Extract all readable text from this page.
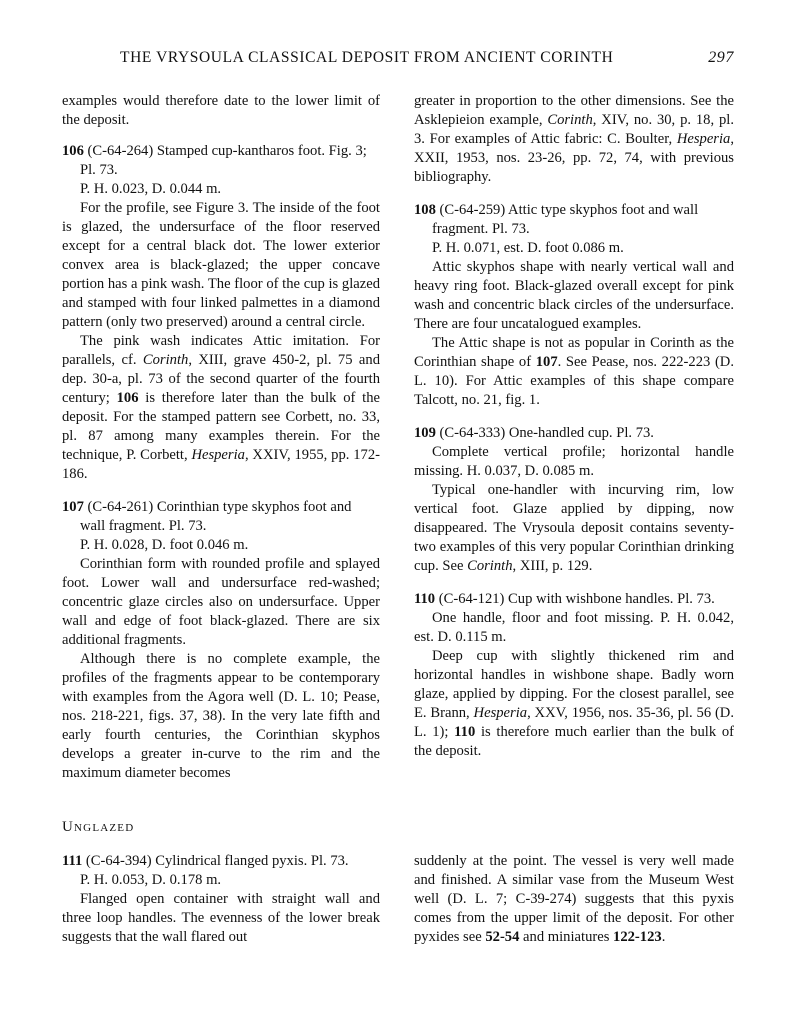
THE VRYSOULA CLASSICAL DEPOSIT FROM ANCIENT CORINTH	297

examples would therefore date to the lower limit of the deposit.

106 (C-64-264) Stamped cup-kantharos foot. Fig. 3; Pl. 73.

P. H. 0.023, D. 0.044 m.

For the profile, see Figure 3. The inside of the foot is glazed, the undersurface of the floor reserved except for a central black dot. The lower exterior convex area is black-glazed; the upper concave portion has a pink wash. The floor of the cup is glazed and stamped with four linked palmettes in a diamond pattern (only two preserved) around a central circle.

The pink wash indicates Attic imitation. For parallels, cf. Corinth, XIII, grave 450-2, pl. 75 and dep. 30-a, pl. 73 of the second quarter of the fourth century; 106 is therefore later than the bulk of the deposit. For the stamped pattern see Corbett, no. 33, pl. 87 among many examples therein. For the technique, P. Corbett, Hesperia, XXIV, 1955, pp. 172-186.

107 (C-64-261) Corinthian type skyphos foot and wall fragment. Pl. 73.

P. H. 0.028, D. foot 0.046 m.

Corinthian form with rounded profile and splayed foot. Lower wall and undersurface red-washed; concentric glaze circles also on undersurface. Upper wall and edge of foot black-glazed. There are six additional fragments.

Although there is no complete example, the profiles of the fragments appear to be contemporary with examples from the Agora well (D. L. 10; Pease, nos. 218-221, figs. 37, 38). In the very late fifth and early fourth centuries, the Corinthian skyphos develops a greater in-curve to the rim and the maximum diameter becomes

greater in proportion to the other dimensions. See the Asklepieion example, Corinth, XIV, no. 30, p. 18, pl. 3. For examples of Attic fabric: C. Boulter, Hesperia, XXII, 1953, nos. 23-26, pp. 72, 74, with previous bibliography.

108 (C-64-259) Attic type skyphos foot and wall fragment. Pl. 73.

P. H. 0.071, est. D. foot 0.086 m.

Attic skyphos shape with nearly vertical wall and heavy ring foot. Black-glazed overall except for pink wash and concentric black circles of the undersurface. There are four uncatalogued examples.

The Attic shape is not as popular in Corinth as the Corinthian shape of 107. See Pease, nos. 222-223 (D. L. 10). For Attic examples of this shape compare Talcott, no. 21, fig. 1.

109 (C-64-333) One-handled cup. Pl. 73.

Complete vertical profile; horizontal handle missing. H. 0.037, D. 0.085 m.

Typical one-handler with incurving rim, low vertical foot. Glaze applied by dipping, now disappeared. The Vrysoula deposit contains seventy-two examples of this very popular Corinthian drinking cup. See Corinth, XIII, p. 129.

110 (C-64-121) Cup with wishbone handles. Pl. 73.

One handle, floor and foot missing. P. H. 0.042, est. D. 0.115 m.

Deep cup with slightly thickened rim and horizontal handles in wishbone shape. Badly worn glaze, applied by dipping. For the closest parallel, see E. Brann, Hesperia, XXV, 1956, nos. 35-36, pl. 56 (D. L. 1); 110 is therefore much earlier than the bulk of the deposit.

Unglazed

111 (C-64-394) Cylindrical flanged pyxis. Pl. 73.

P. H. 0.053, D. 0.178 m.

Flanged open container with straight wall and three loop handles. The evenness of the lower break suggests that the wall flared out

suddenly at the point. The vessel is very well made and finished. A similar vase from the Museum West well (D. L. 7; C-39-274) suggests that this pyxis comes from the upper limit of the deposit. For other pyxides see 52-54 and miniatures 122-123.
